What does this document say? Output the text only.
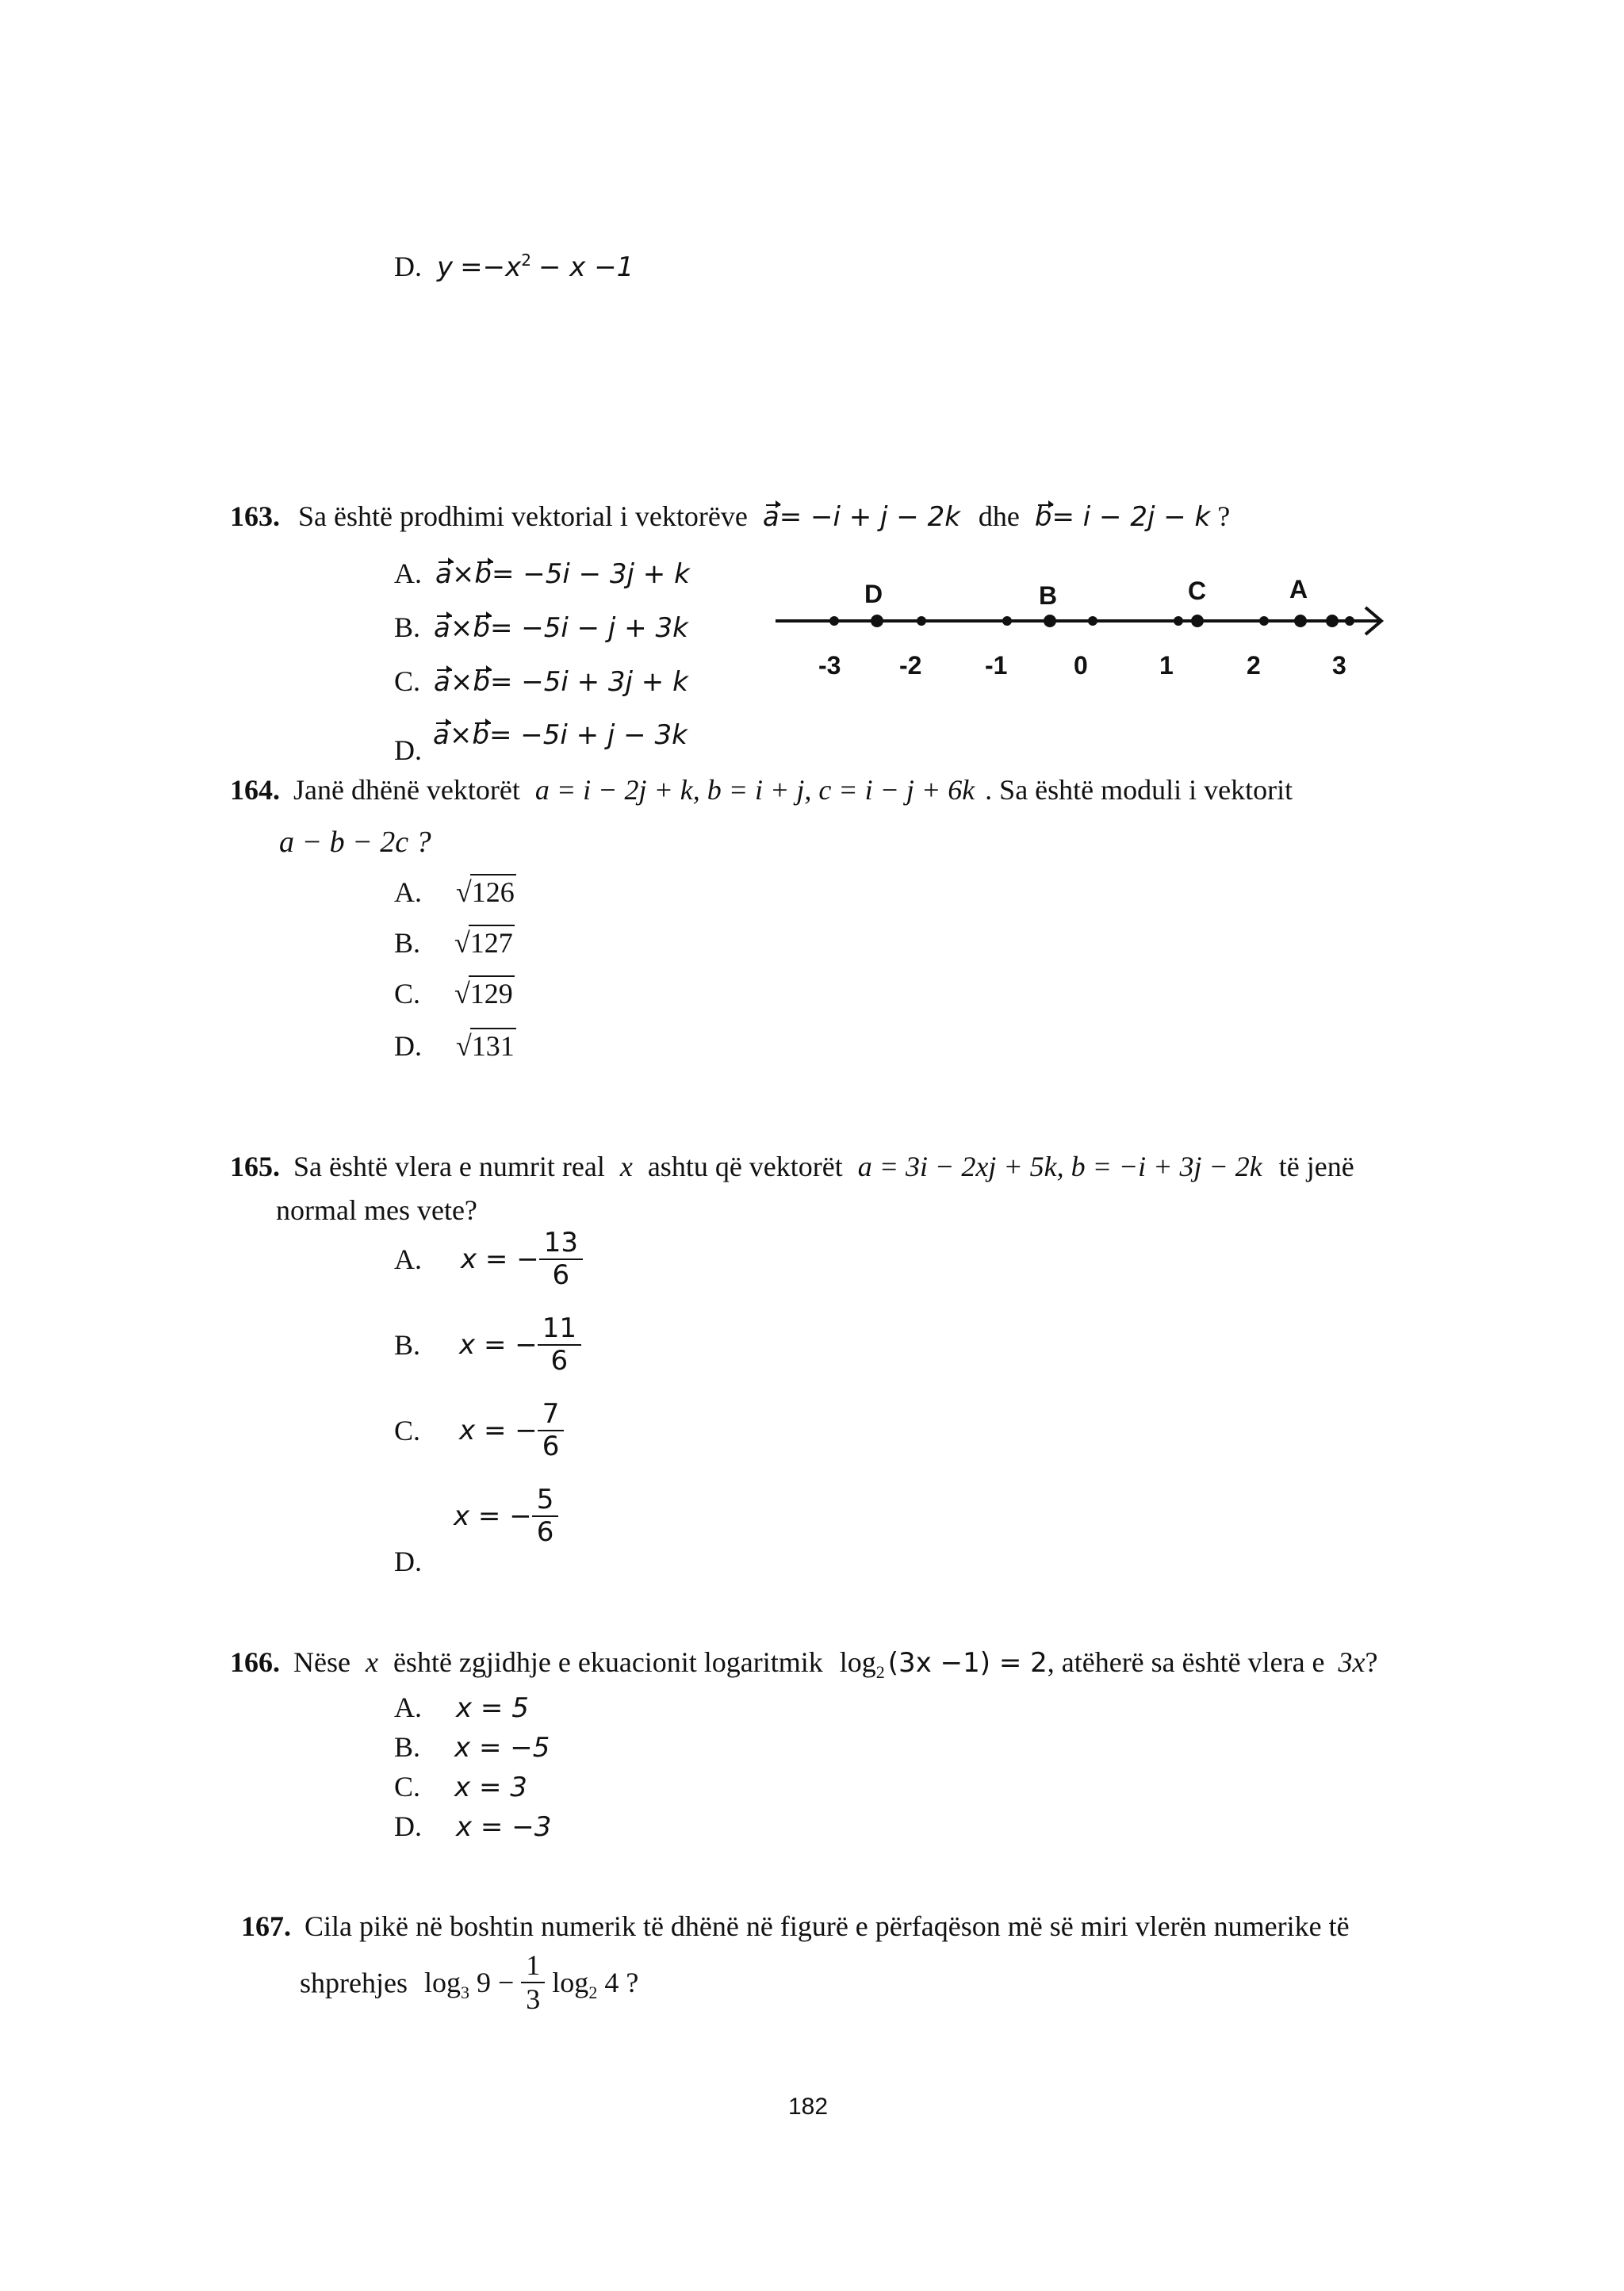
D. $y =-x^2 - x -1$
163. Sa është prodhimi vektorial i vektorëve a= −i + j − 2k dhe b= i − 2j − k ?
A. a×b= −5i − 3j + k
B. a×b= −5i − j + 3k
C. a×b= −5i + 3j + k
D. a×b= −5i + j − 3k
D	B	C	A
-3 -2 -1	0	1	2	3
164. Janë dhënë vektorët a = i − 2j + k, b = i + j, c = i − j + 6k . Sa është moduli i vektorit
a − b − 2c ?
A. √126
B. √127
C. √129
D. √131
165. Sa është vlera e numrit real x ashtu që vektorët a = 3i − 2xj + 5k, b = −i + 3j − 2k të jenë
normal mes vete?
A. x = − $\frac{13}{6}$
B. x = − $\frac{11}{6}$
C. x = − $\frac{7}{6}$
D.
x = − $\frac{5}{6}$
166. Nëse x është zgjidhje e ekuacionit logaritmik $\log_2 (3x -1) = 2$, atëherë sa është vlera e 3x?
A. x = 5
B. x = −5
C. x = 3
D. x = −3
167. Cila pikë në boshtin numerik të dhënë në figurë e përfaqëson më së miri vlerën numerike të
shprehjes $\log_3 9 - \frac{1}{3} \log_2 4$ ?
182
